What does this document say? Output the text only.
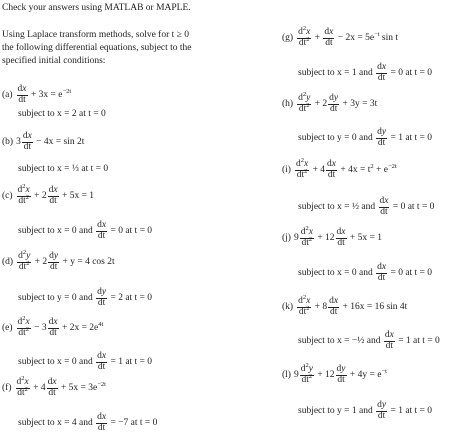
Check your answers using MATLAB or MAPLE.
Using Laplace transform methods, solve for t ≥ 0
the following differential equations, subject to the
specified initial conditions:
$(a) \frac{dx}{dt} + 3x = e^{-2t}$
subject to x = 2 at t = 0
(b) $3 \frac{dx}{dt} - 4x = \sin 2t$
subject to x = ⅓ at t = 0
$(c) \frac{d^2x}{dt^2} + 2 \frac{dx}{dt} + 5x = 1$
subject to x = 0 and $\frac{dx}{dt} = 0$ at t = 0
$(d) \frac{d^2y}{dt^2} + 2 \frac{dy}{dt} + y = 4$ cos 2t
subject to y = 0 and $\frac{dy}{dt} = 2$ at t = 0
$(e) \frac{d^2x}{dt^2} - 3 \frac{dx}{dt} + 2x = 2e^{4t}$
subject to x = 0 and $\frac{dx}{dt} = 1$ at t = 0
$(f) \frac{d^2x}{dt^2} + 4 \frac{dx}{dt} + 5x = 3e^{-2t}$
subject to x = 4 and $\frac{dx}{dt} = -7$ at t = 0
$(g) \frac{d^2x}{dt^2} + \frac{dx}{dt} - 2x = 5e^{-t}$ sin t
subject to x = 1 and $\frac{dx}{dt} = 0$ at t = 0
$(h) \frac{d^2y}{dt^2} + 2 \frac{dy}{dt} + 3y = 3t$
subject to y = 0 and $\frac{dy}{dt} = 1$ at t = 0
$(i) \frac{d^2x}{dt^2} + 4 \frac{dx}{dt} + 4x = t^2 + e^{-2t}$
subject to x = ½ and $\frac{dx}{dt} = 0$ at t = 0
(j) $9 \frac{d^2x}{dt^2} + 12 \frac{dx}{dt} + 5x = 1$
subject to x = 0 and $\frac{dx}{dt} = 0$ at t = 0
$(k) \frac{d^2x}{dt^2} + 8 \frac{dx}{dt} + 16x = 16$ sin 4t
subject to x = −½ and $\frac{dx}{dt} = 1$ at t = 0
(l) $9 \frac{d^2y}{dt^2} + 12 \frac{dy}{dt} + 4y = e^{-t}$
subject to y = 1 and $\frac{dy}{dt} = 1$ at t = 0
